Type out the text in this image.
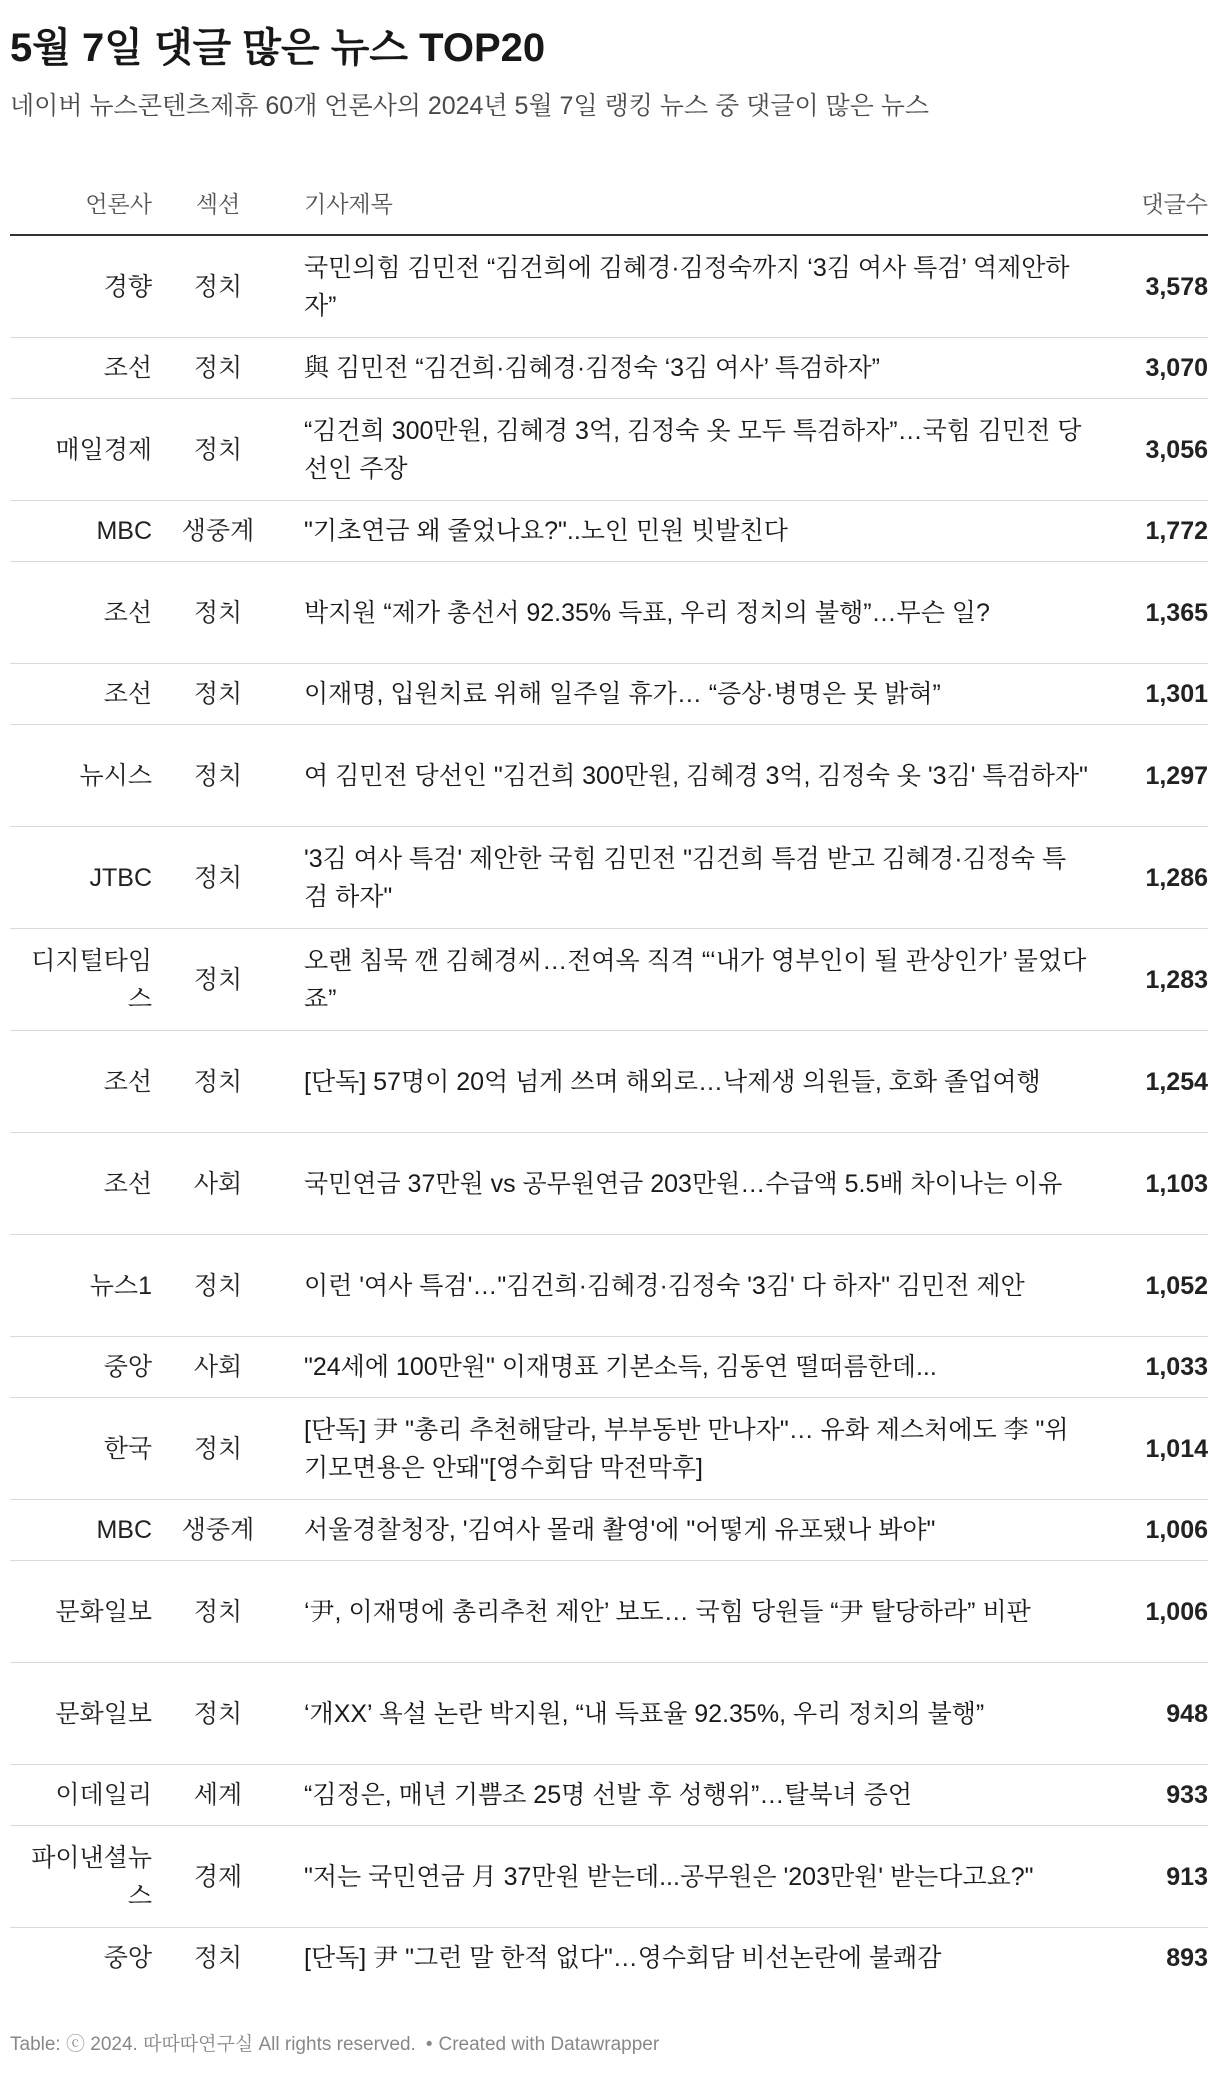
5월 7일 댓글 많은 뉴스 TOP20
네이버 뉴스콘텐츠제휴 60개 언론사의 2024년 5월 7일 랭킹 뉴스 중 댓글이 많은 뉴스
언론사	섹션		기사제목	댓글수
경향	정치		국민의힘 김민전 “김건희에 김혜경·김정숙까지 ‘3김 여사 특검’ 역제안하자”	3,578
조선	정치		與 김민전 “김건희·김혜경·김정숙 ‘3김 여사’ 특검하자”	3,070
매일경제	정치		“김건희 300만원, 김혜경 3억, 김정숙 옷 모두 특검하자”…국힘 김민전 당선인 주장	3,056
MBC	생중계		"기초연금 왜 줄었나요?"..노인 민원 빗발친다	1,772
조선	정치		박지원 “제가 총선서 92.35% 득표, 우리 정치의 불행”…무슨 일?	1,365
조선	정치		이재명, 입원치료 위해 일주일 휴가… “증상·병명은 못 밝혀”	1,301
뉴시스	정치		여 김민전 당선인 "김건희 300만원, 김혜경 3억, 김정숙 옷 '3김' 특검하자"	1,297
JTBC	정치		'3김 여사 특검' 제안한 국힘 김민전 "김건희 특검 받고 김혜경·김정숙 특검 하자"	1,286
디지털타임스	정치		오랜 침묵 깬 김혜경씨…전여옥 직격 “‘내가 영부인이 될 관상인가’ 물었다죠”	1,283
조선	정치		[단독] 57명이 20억 넘게 쓰며 해외로…낙제생 의원들, 호화 졸업여행	1,254
조선	사회		국민연금 37만원 vs 공무원연금 203만원…수급액 5.5배 차이나는 이유	1,103
뉴스1	정치		이런 '여사 특검'…"김건희·김혜경·김정숙 '3김' 다 하자" 김민전 제안	1,052
중앙	사회		"24세에 100만원" 이재명표 기본소득, 김동연 떨떠름한데...	1,033
한국	정치		[단독] 尹 "총리 추천해달라, 부부동반 만나자"… 유화 제스처에도 李 "위기모면용은 안돼"[영수회담 막전막후]	1,014
MBC	생중계		서울경찰청장, '김여사 몰래 촬영'에 "어떻게 유포됐나 봐야"	1,006
문화일보	정치		‘尹, 이재명에 총리추천 제안’ 보도… 국힘 당원들 “尹 탈당하라” 비판	1,006
문화일보	정치		‘개XX’ 욕설 논란 박지원, “내 득표율 92.35%, 우리 정치의 불행”	948
이데일리	세계		“김정은, 매년 기쁨조 25명 선발 후 성행위”…탈북녀 증언	933
파이낸셜뉴스	경제		"저는 국민연금 月 37만원 받는데...공무원은 '203만원' 받는다고요?"	913
중앙	정치		[단독] 尹 "그런 말 한적 없다"…영수회담 비선논란에 불쾌감	893
Table: ⓒ 2024. 따따따연구실 All rights reserved. • Created with Datawrapper
